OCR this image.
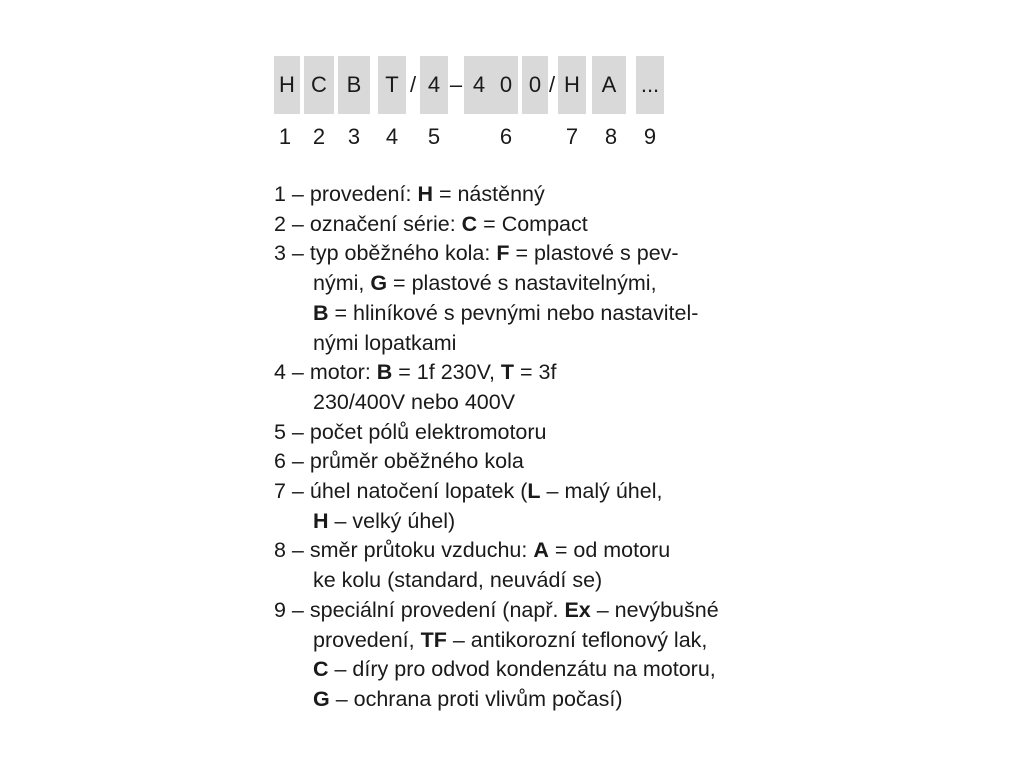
H C B T / 4 – 4 0 0 / H A ...
1 2	3	4	5	6	7	8	9
1 – provedení: H = nástěnný
2 – označení série: C = Compact
3 – typ oběžného kola: F = plastové s pev-
nými, G = plastové s nastavitelnými,
B = hliníkové s pevnými nebo nastavitel-
nými lopatkami
4 – motor: B = 1f 230V, T = 3f
230/400V nebo 400V
5 – počet pólů elektromotoru
6 – průměr oběžného kola
7 – úhel natočení lopatek (L – malý úhel,
H – velký úhel)
8 – směr průtoku vzduchu: A = od motoru
ke kolu (standard, neuvádí se)
9 – speciální provedení (např. Ex – nevýbušné
provedení, TF – antikorozní teflonový lak,
C – díry pro odvod kondenzátu na motoru,
G – ochrana proti vlivům počasí)
